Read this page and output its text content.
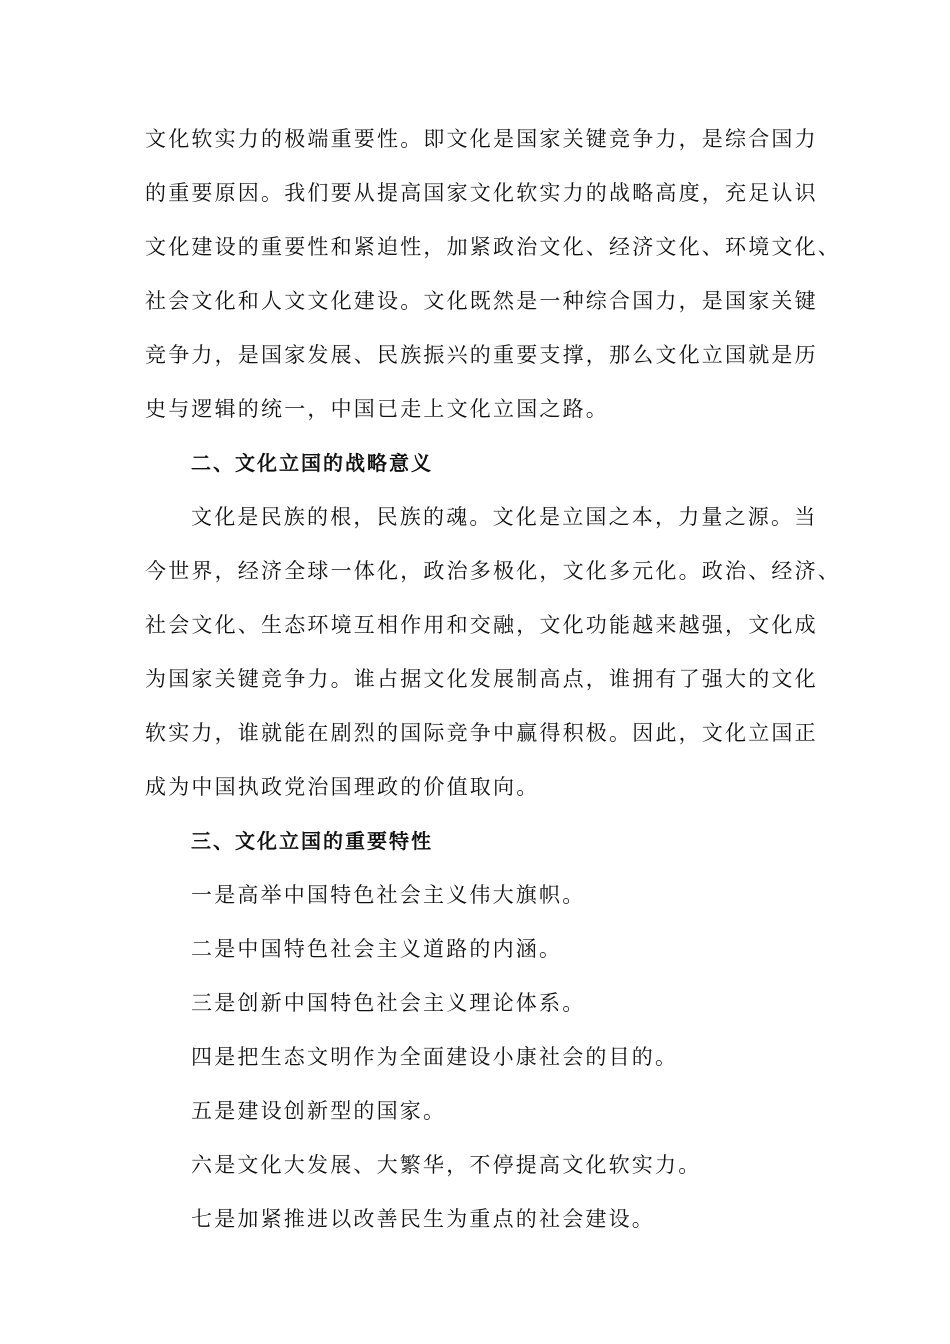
文化软实力的极端重要性。即文化是国家关键竞争力，是综合国力
的重要原因。我们要从提高国家文化软实力的战略高度，充足认识
文化建设的重要性和紧迫性，加紧政治文化、经济文化、环境文化、
社会文化和人文文化建设。文化既然是一种综合国力，是国家关键
竞争力，是国家发展、民族振兴的重要支撑，那么文化立国就是历
史与逻辑的统一，中国已走上文化立国之路。
二、文化立国的战略意义
文化是民族的根，民族的魂。文化是立国之本，力量之源。当
今世界，经济全球一体化，政治多极化，文化多元化。政治、经济、
社会文化、生态环境互相作用和交融，文化功能越来越强，文化成
为国家关键竞争力。谁占据文化发展制高点，谁拥有了强大的文化
软实力，谁就能在剧烈的国际竞争中赢得积极。因此，文化立国正
成为中国执政党治国理政的价值取向。
三、文化立国的重要特性
一是高举中国特色社会主义伟大旗帜。
二是中国特色社会主义道路的内涵。
三是创新中国特色社会主义理论体系。
四是把生态文明作为全面建设小康社会的目的。
五是建设创新型的国家。
六是文化大发展、大繁华，不停提高文化软实力。
七是加紧推进以改善民生为重点的社会建设。
